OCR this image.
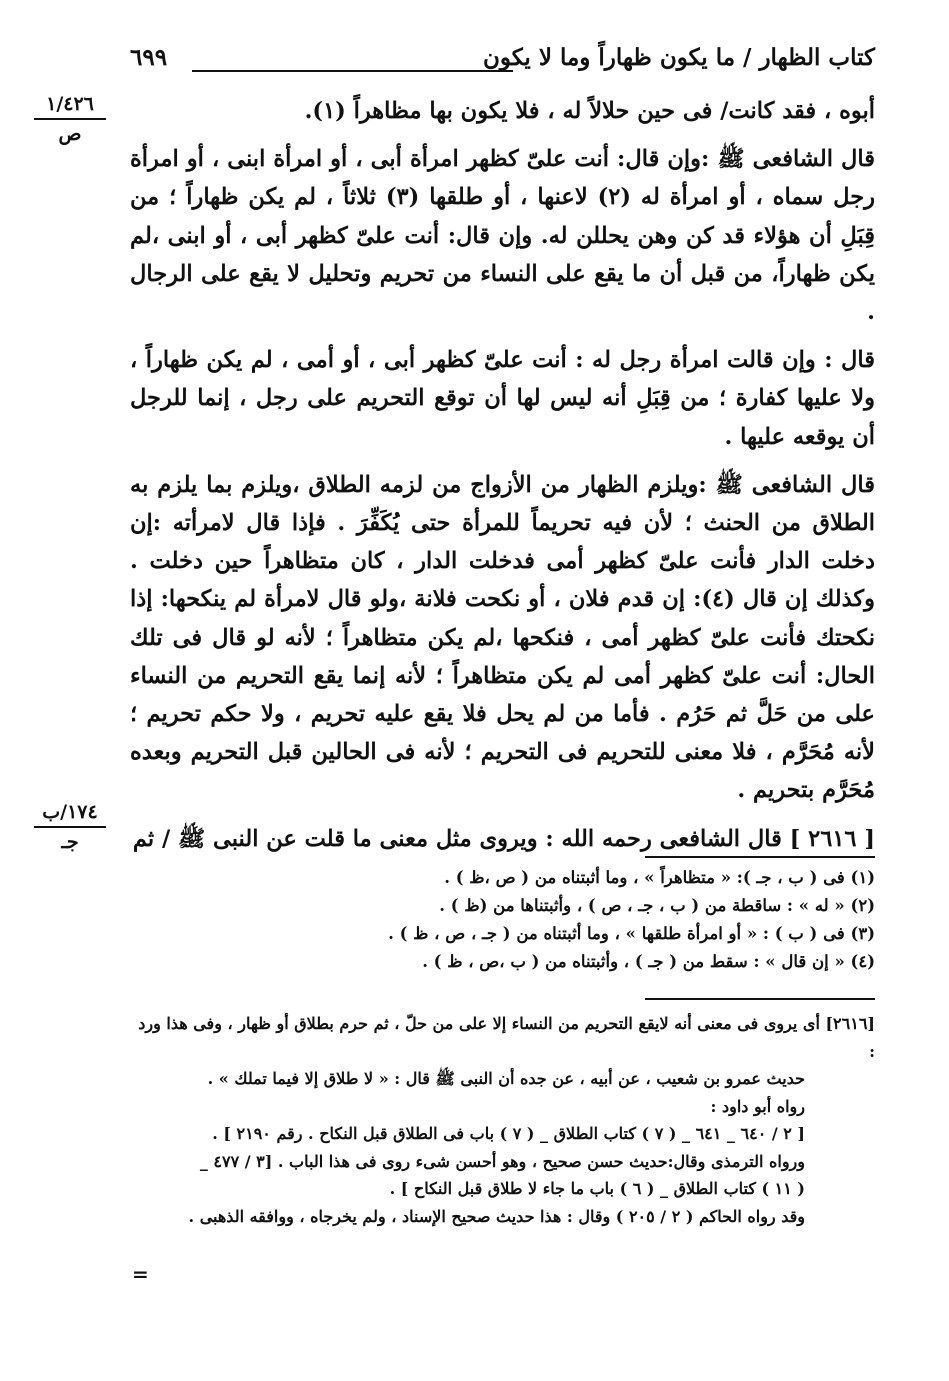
كتاب الظهار / ما يكون ظهاراً وما لا يكون
٦٩٩
١/٤٢٦
ص
١٧٤/ب
جـ

أبوه ، فقد كانت/ فى حين حلالاً له ، فلا يكون بها مظاهراً (١).

قال الشافعى ﷺ :وإن قال: أنت علىّ كظهر امرأة أبى ، أو امرأة ابنى ، أو امرأة رجل سماه ، أو امرأة له (٢) لاعنها ، أو طلقها (٣) ثلاثاً ، لم يكن ظهاراً ؛ من قِبَلِ أن هؤلاء قد كن وهن يحللن له. وإن قال: أنت علىّ كظهر أبى ، أو ابنى ،لم يكن ظهاراً، من قبل أن ما يقع على النساء من تحريم وتحليل لا يقع على الرجال .

قال : وإن قالت امرأة رجل له : أنت علىّ كظهر أبى ، أو أمى ، لم يكن ظهاراً ، ولا عليها كفارة ؛ من قِبَلِ أنه ليس لها أن توقع التحريم على رجل ، إنما للرجل أن يوقعه عليها .

قال الشافعى ﷺ :ويلزم الظهار من الأزواج من لزمه الطلاق ،ويلزم بما يلزم به الطلاق من الحنث ؛ لأن فيه تحريماً للمرأة حتى يُكَفِّرَ . فإذا قال لامرأته :إن دخلت الدار فأنت علىّ كظهر أمى فدخلت الدار ، كان متظاهراً حين دخلت . وكذلك إن قال (٤): إن قدم فلان ، أو نكحت فلانة ،ولو قال لامرأة لم ينكحها: إذا نكحتك فأنت علىّ كظهر أمى ، فنكحها ،لم يكن متظاهراً ؛ لأنه لو قال فى تلك الحال: أنت علىّ كظهر أمى لم يكن متظاهراً ؛ لأنه إنما يقع التحريم من النساء على من حَلَّ ثم حَرُم . فأما من لم يحل فلا يقع عليه تحريم ، ولا حكم تحريم ؛ لأنه مُحَرَّم ، فلا معنى للتحريم فى التحريم ؛ لأنه فى الحالين قبل التحريم وبعده مُحَرَّم بتحريم .

[ ٢٦١٦ ] قال الشافعى رحمه الله : ويروى مثل معنى ما قلت عن النبى ﷺ / ثم

(١) فى ( ب ، جـ ): « متظاهراً » ، وما أثبتناه من ( ص ،ظ ) .
(٢) « له » : ساقطة من ( ب ، جـ ، ص ) ، وأثبتناها من (ظ ) .
(٣) فى ( ب ) : « أو امرأة طلقها » ، وما أثبتناه من ( جـ ، ص ، ظ ) .
(٤) « إن قال » : سقط من ( جـ ) ، وأثبتناه من ( ب ،ص ، ظ ) .
[٢٦١٦] أى يروى فى معنى أنه لايقع التحريم من النساء إلا على من حلّ ، ثم حرم بطلاق أو ظهار ، وفى هذا ورد :
حديث عمرو بن شعيب ، عن أبيه ، عن جده أن النبى ﷺ قال : « لا طلاق إلا فيما تملك » .
رواه أبو داود :
[ ٢ / ٦٤٠ _ ٦٤١ _ ( ٧ ) كتاب الطلاق _ ( ٧ ) باب فى الطلاق قبل النكاح . رقم ٢١٩٠ ] .
ورواه الترمذى وقال:حديث حسن صحيح ، وهو أحسن شىء روى فى هذا الباب . [٣ / ٤٧٧ _
( ١١ ) كتاب الطلاق _ ( ٦ ) باب ما جاء لا طلاق قبل النكاح ] .
وقد رواه الحاكم ( ٢ / ٢٠٥ ) وقال : هذا حديث صحيح الإسناد ، ولم يخرجاه ، ووافقه الذهبى .
=
